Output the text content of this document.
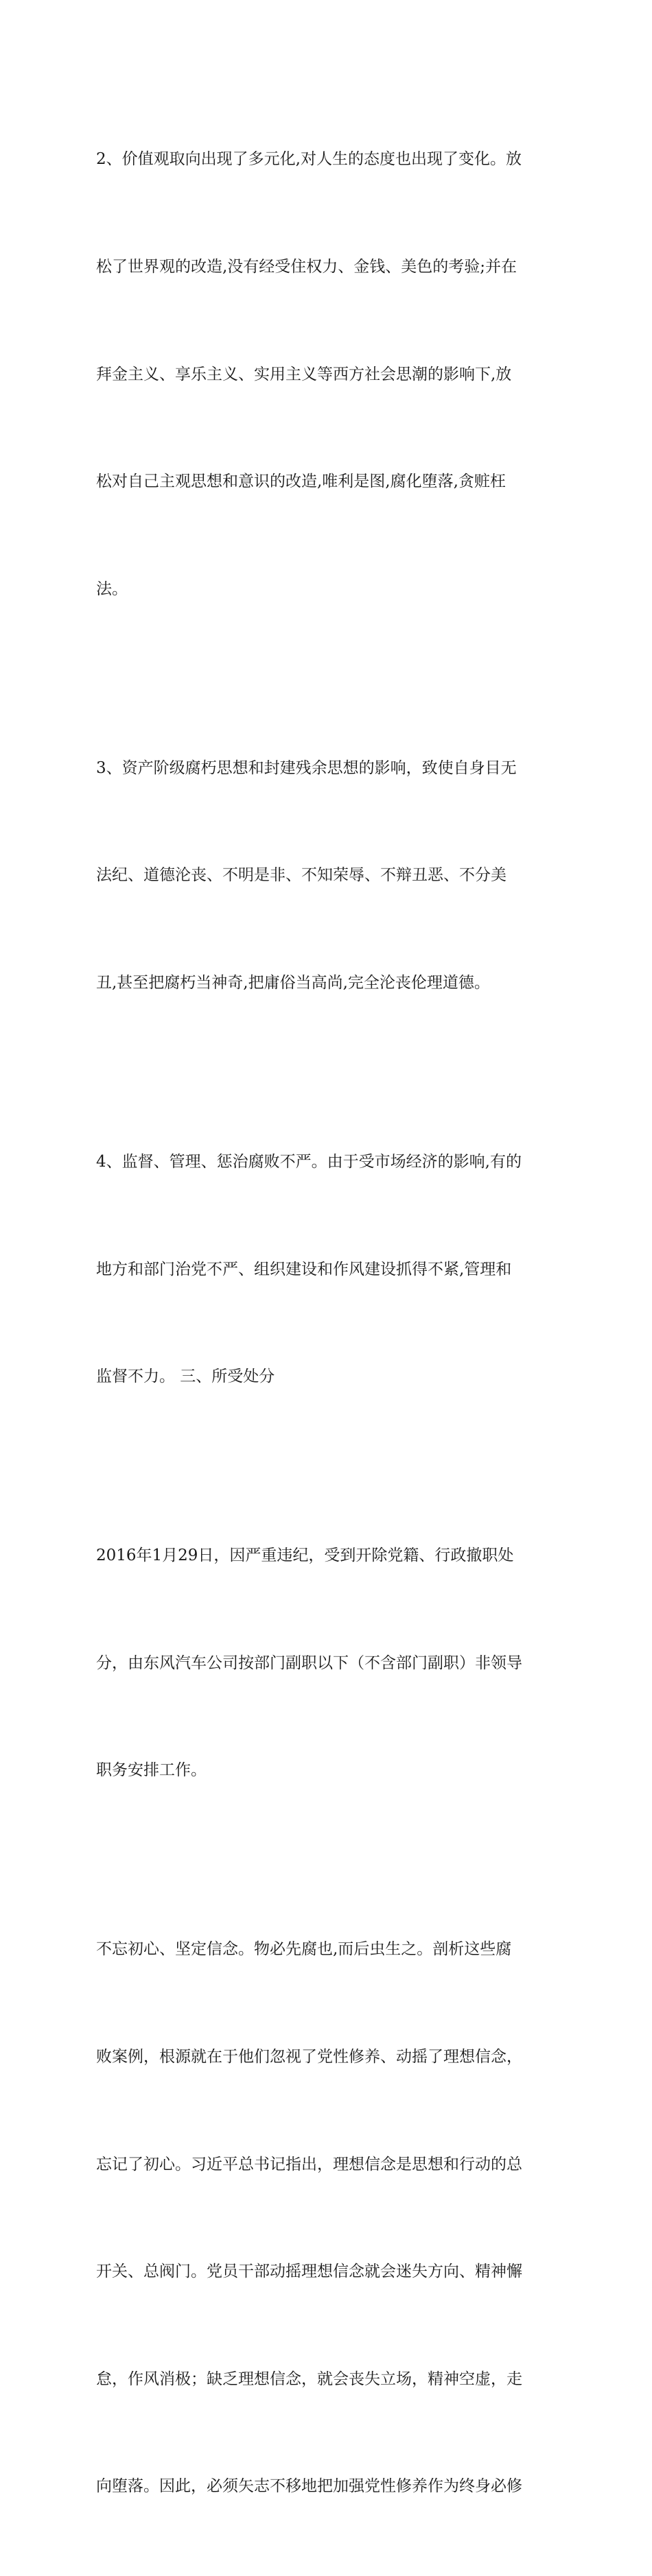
2、价值观取向出现了多元化,对人生的态度也出现了变化。放

松了世界观的改造,没有经受住权力、金钱、美色的考验;并在

拜金主义、享乐主义、实用主义等西方社会思潮的影响下,放

松对自己主观思想和意识的改造,唯利是图,腐化堕落,贪赃枉

法。

3、资产阶级腐朽思想和封建残余思想的影响，致使自身目无

法纪、道德沦丧、不明是非、不知荣辱、不辩丑恶、不分美

丑,甚至把腐朽当神奇,把庸俗当高尚,完全沦丧伦理道德。

4、监督、管理、惩治腐败不严。由于受市场经济的影响,有的

地方和部门治党不严、组织建设和作风建设抓得不紧,管理和

监督不力。 三、所受处分

2016年1月29日，因严重违纪，受到开除党籍、行政撤职处

分，由东风汽车公司按部门副职以下（不含部门副职）非领导

职务安排工作。

不忘初心、坚定信念。物必先腐也,而后虫生之。剖析这些腐

败案例，根源就在于他们忽视了党性修养、动摇了理想信念，

忘记了初心。习近平总书记指出，理想信念是思想和行动的总

开关、总阀门。党员干部动摇理想信念就会迷失方向、精神懈

怠，作风消极；缺乏理想信念，就会丧失立场，精神空虚，走

向堕落。因此，必须矢志不移地把加强党性修养作为终身必修
